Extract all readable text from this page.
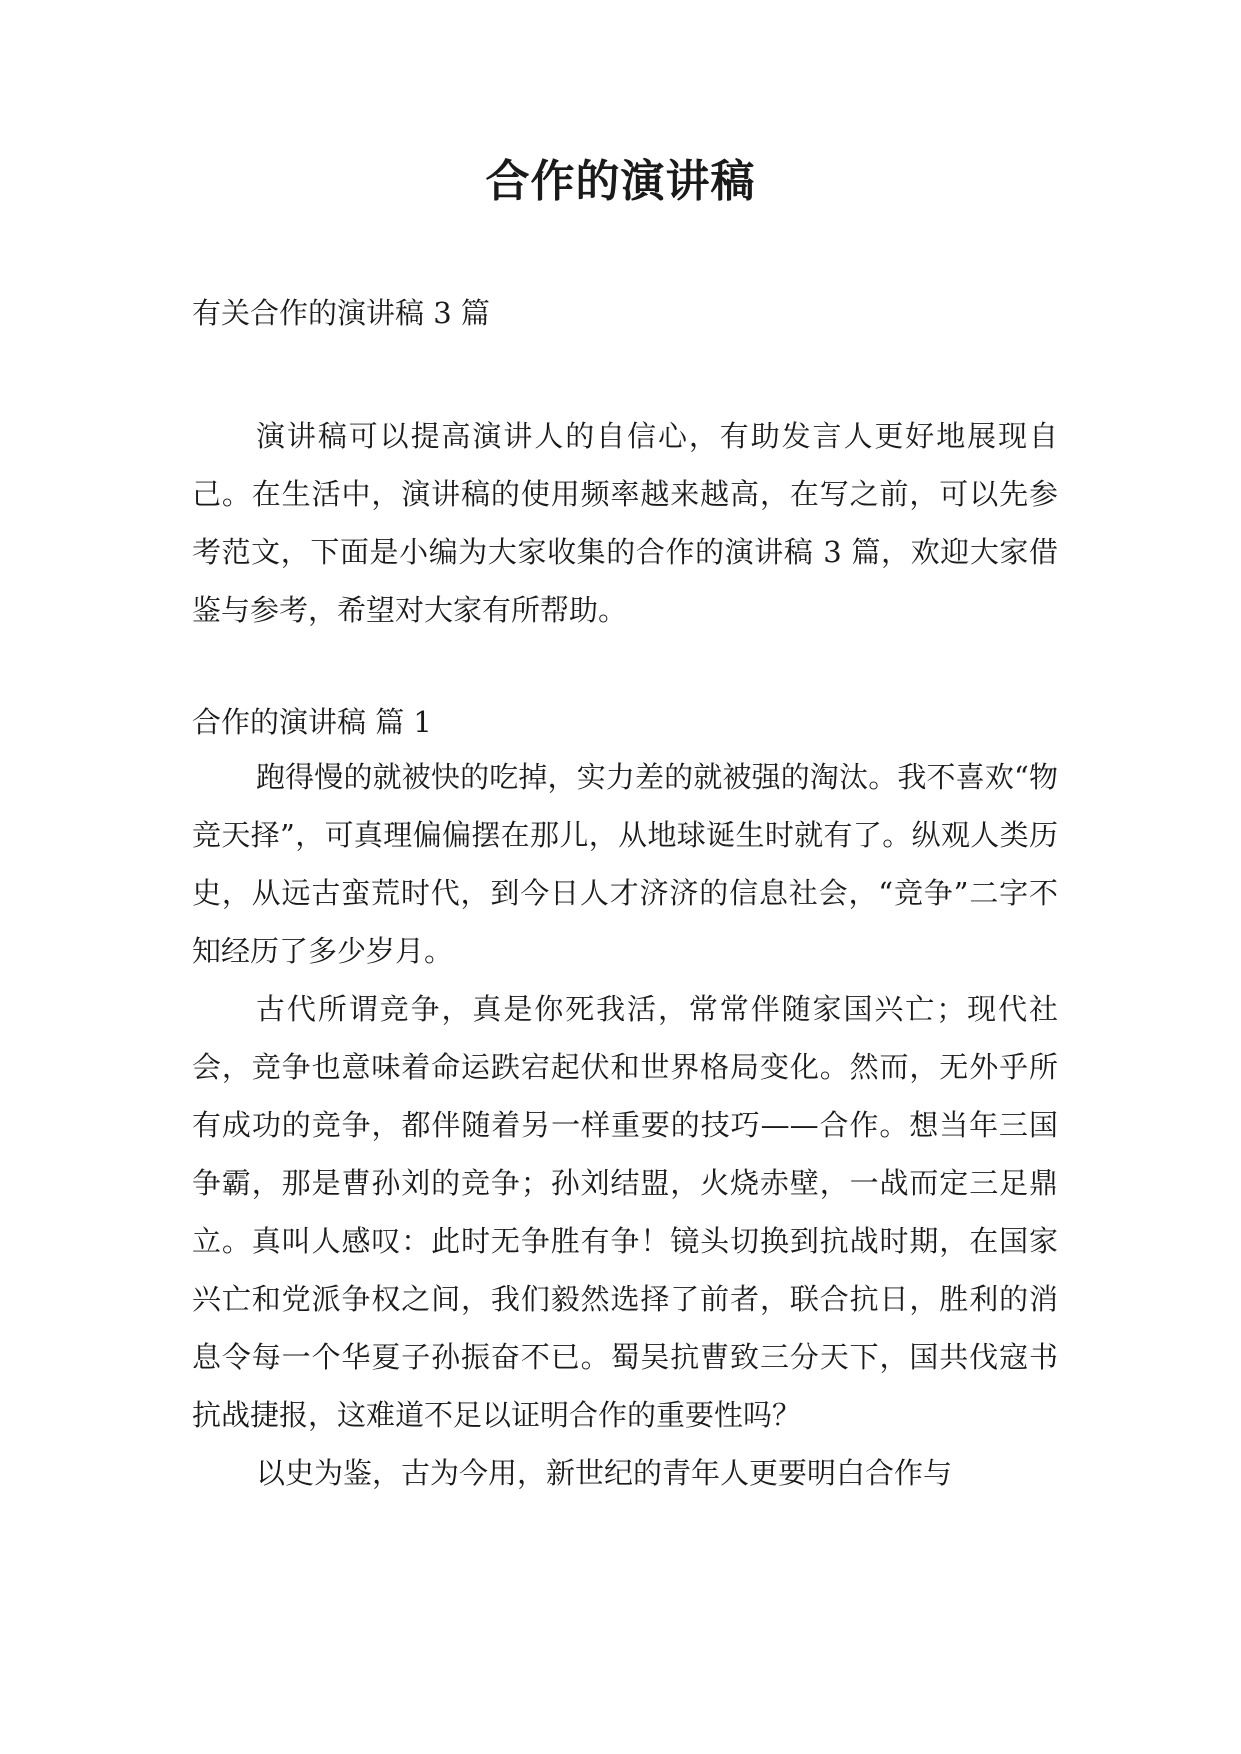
合作的演讲稿
有关合作的演讲稿 3 篇

演讲稿可以提高演讲人的自信心，有助发言人更好地展现自己。在生活中，演讲稿的使用频率越来越高，在写之前，可以先参考范文，下面是小编为大家收集的合作的演讲稿 3 篇，欢迎大家借鉴与参考，希望对大家有所帮助。

合作的演讲稿 篇 1

跑得慢的就被快的吃掉，实力差的就被强的淘汰。我不喜欢“物竞天择”，可真理偏偏摆在那儿，从地球诞生时就有了。纵观人类历史，从远古蛮荒时代，到今日人才济济的信息社会，“竞争”二字不知经历了多少岁月。

古代所谓竞争，真是你死我活，常常伴随家国兴亡；现代社会，竞争也意味着命运跌宕起伏和世界格局变化。然而，无外乎所有成功的竞争，都伴随着另一样重要的技巧——合作。想当年三国争霸，那是曹孙刘的竞争；孙刘结盟，火烧赤壁，一战而定三足鼎立。真叫人感叹：此时无争胜有争！镜头切换到抗战时期，在国家兴亡和党派争权之间，我们毅然选择了前者，联合抗日，胜利的消息令每一个华夏子孙振奋不已。蜀吴抗曹致三分天下，国共伐寇书抗战捷报，这难道不足以证明合作的重要性吗？

以史为鉴，古为今用，新世纪的青年人更要明白合作与
